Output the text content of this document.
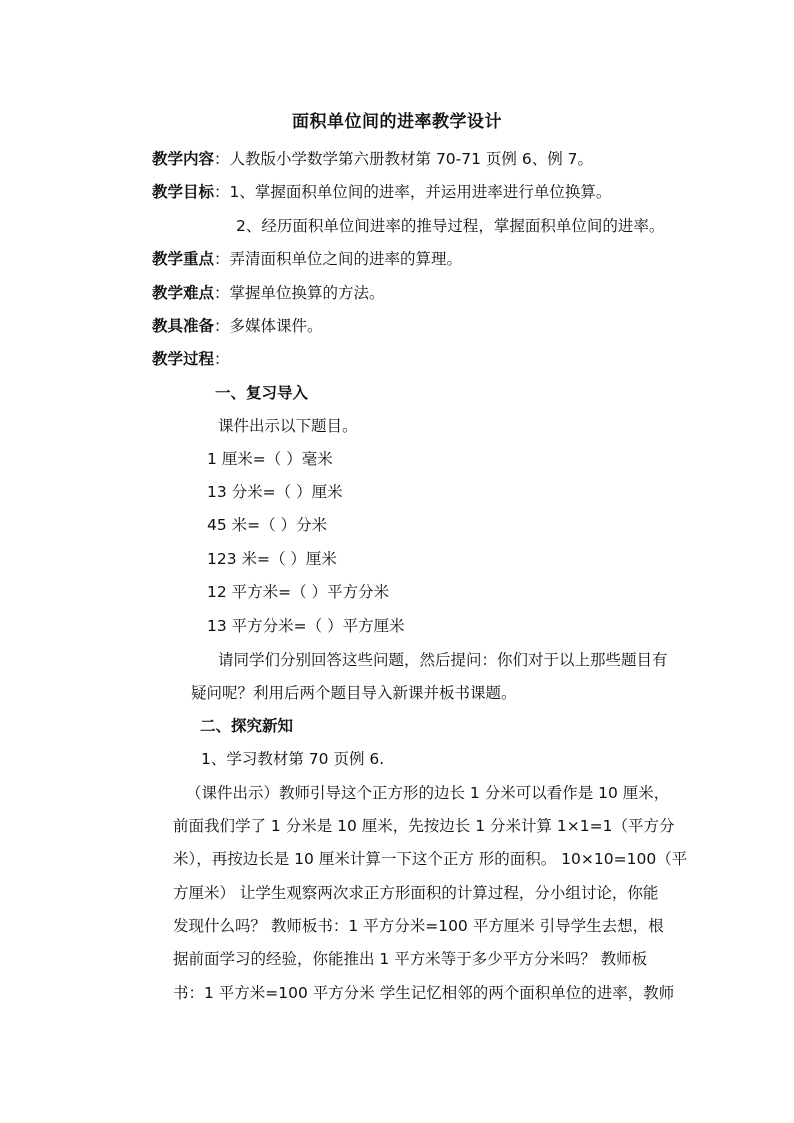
面积单位间的进率教学设计
教学内容：人教版小学数学第六册教材第 70-71 页例 6、例 7。
教学目标：1、掌握面积单位间的进率，并运用进率进行单位换算。
2、经历面积单位间进率的推导过程，掌握面积单位间的进率。
教学重点：弄清面积单位之间的进率的算理。
教学难点：掌握单位换算的方法。
教具准备：多媒体课件。
教学过程：
一、复习导入
课件出示以下题目。
1 厘米=（ ）毫米
13 分米=（ ）厘米
45 米=（ ）分米
123 米=（ ）厘米
12 平方米=（ ）平方分米
13 平方分米=（ ）平方厘米
请同学们分别回答这些问题，然后提问：你们对于以上那些题目有
疑问呢？利用后两个题目导入新课并板书课题。
二、探究新知
1、学习教材第 70 页例 6.
（课件出示）教师引导这个正方形的边长 1 分米可以看作是 10 厘米，
前面我们学了 1 分米是 10 厘米，先按边长 1 分米计算 1×1=1（平方分
米），再按边长是 10 厘米计算一下这个正方 形的面积。 10×10=100（平
方厘米） 让学生观察两次求正方形面积的计算过程，分小组讨论，你能
发现什么吗？ 教师板书：1 平方分米=100 平方厘米 引导学生去想，根
据前面学习的经验，你能推出 1 平方米等于多少平方分米吗？ 教师板
书：1 平方米=100 平方分米 学生记忆相邻的两个面积单位的进率，教师
